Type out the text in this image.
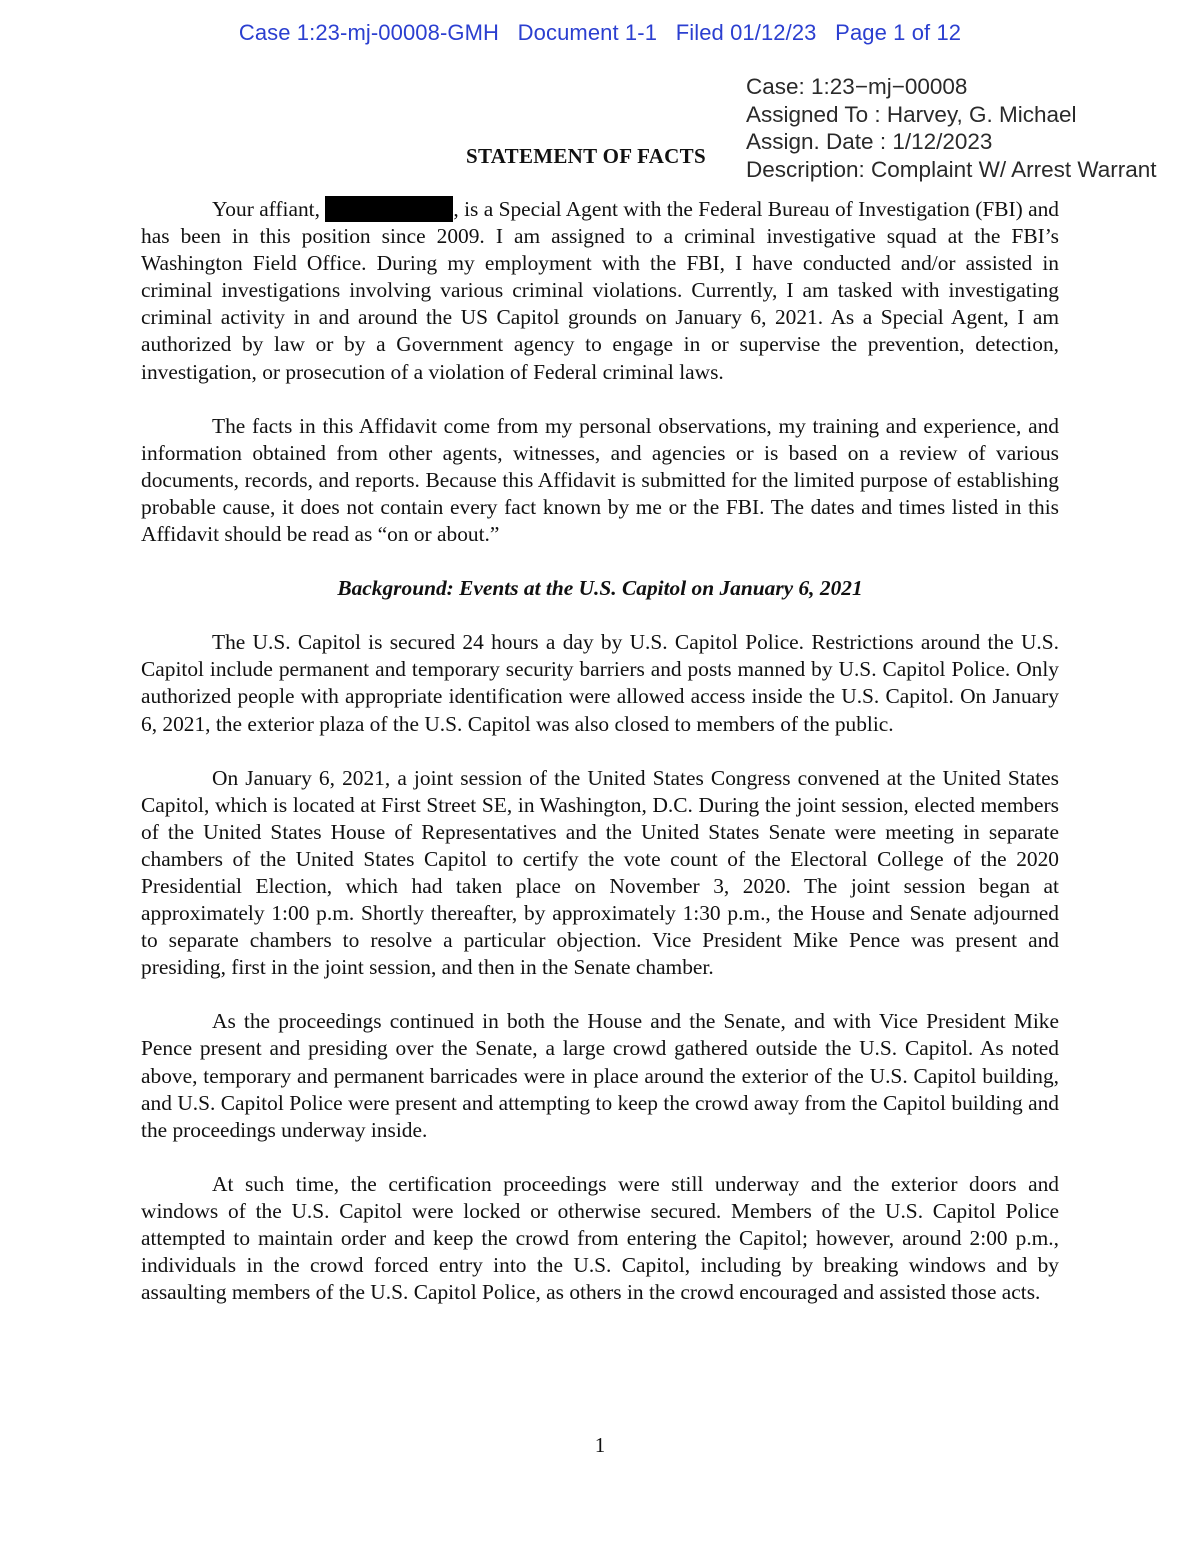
Case 1:23-mj-00008-GMH Document 1-1 Filed 01/12/23 Page 1 of 12
Case: 1:23−mj−00008
Assigned To : Harvey, G. Michael
Assign. Date : 1/12/2023
Description: Complaint W/ Arrest Warrant
STATEMENT OF FACTS

Your affiant,	, is a Special Agent with the Federal Bureau of Investigation (FBI) and has been in this position since 2009. I am assigned to a criminal investigative squad at the FBI’s Washington Field Office. During my employment with the FBI, I have conducted and/or assisted in criminal investigations involving various criminal violations. Currently, I am tasked with investigating criminal activity in and around the US Capitol grounds on January 6, 2021. As a Special Agent, I am authorized by law or by a Government agency to engage in or supervise the prevention, detection, investigation, or prosecution of a violation of Federal criminal laws.

The facts in this Affidavit come from my personal observations, my training and experience, and information obtained from other agents, witnesses, and agencies or is based on a review of various documents, records, and reports. Because this Affidavit is submitted for the limited purpose of establishing probable cause, it does not contain every fact known by me or the FBI. The dates and times listed in this Affidavit should be read as “on or about.”

Background: Events at the U.S. Capitol on January 6, 2021

The U.S. Capitol is secured 24 hours a day by U.S. Capitol Police. Restrictions around the U.S. Capitol include permanent and temporary security barriers and posts manned by U.S. Capitol Police. Only authorized people with appropriate identification were allowed access inside the U.S. Capitol. On January 6, 2021, the exterior plaza of the U.S. Capitol was also closed to members of the public.

On January 6, 2021, a joint session of the United States Congress convened at the United States Capitol, which is located at First Street SE, in Washington, D.C. During the joint session, elected members of the United States House of Representatives and the United States Senate were meeting in separate chambers of the United States Capitol to certify the vote count of the Electoral College of the 2020 Presidential Election, which had taken place on November 3, 2020. The joint session began at approximately 1:00 p.m. Shortly thereafter, by approximately 1:30 p.m., the House and Senate adjourned to separate chambers to resolve a particular objection. Vice President Mike Pence was present and presiding, first in the joint session, and then in the Senate chamber.

As the proceedings continued in both the House and the Senate, and with Vice President Mike Pence present and presiding over the Senate, a large crowd gathered outside the U.S. Capitol. As noted above, temporary and permanent barricades were in place around the exterior of the U.S. Capitol building, and U.S. Capitol Police were present and attempting to keep the crowd away from the Capitol building and the proceedings underway inside.

At such time, the certification proceedings were still underway and the exterior doors and windows of the U.S. Capitol were locked or otherwise secured. Members of the U.S. Capitol Police attempted to maintain order and keep the crowd from entering the Capitol; however, around 2:00 p.m., individuals in the crowd forced entry into the U.S. Capitol, including by breaking windows and by assaulting members of the U.S. Capitol Police, as others in the crowd encouraged and assisted those acts.

1
